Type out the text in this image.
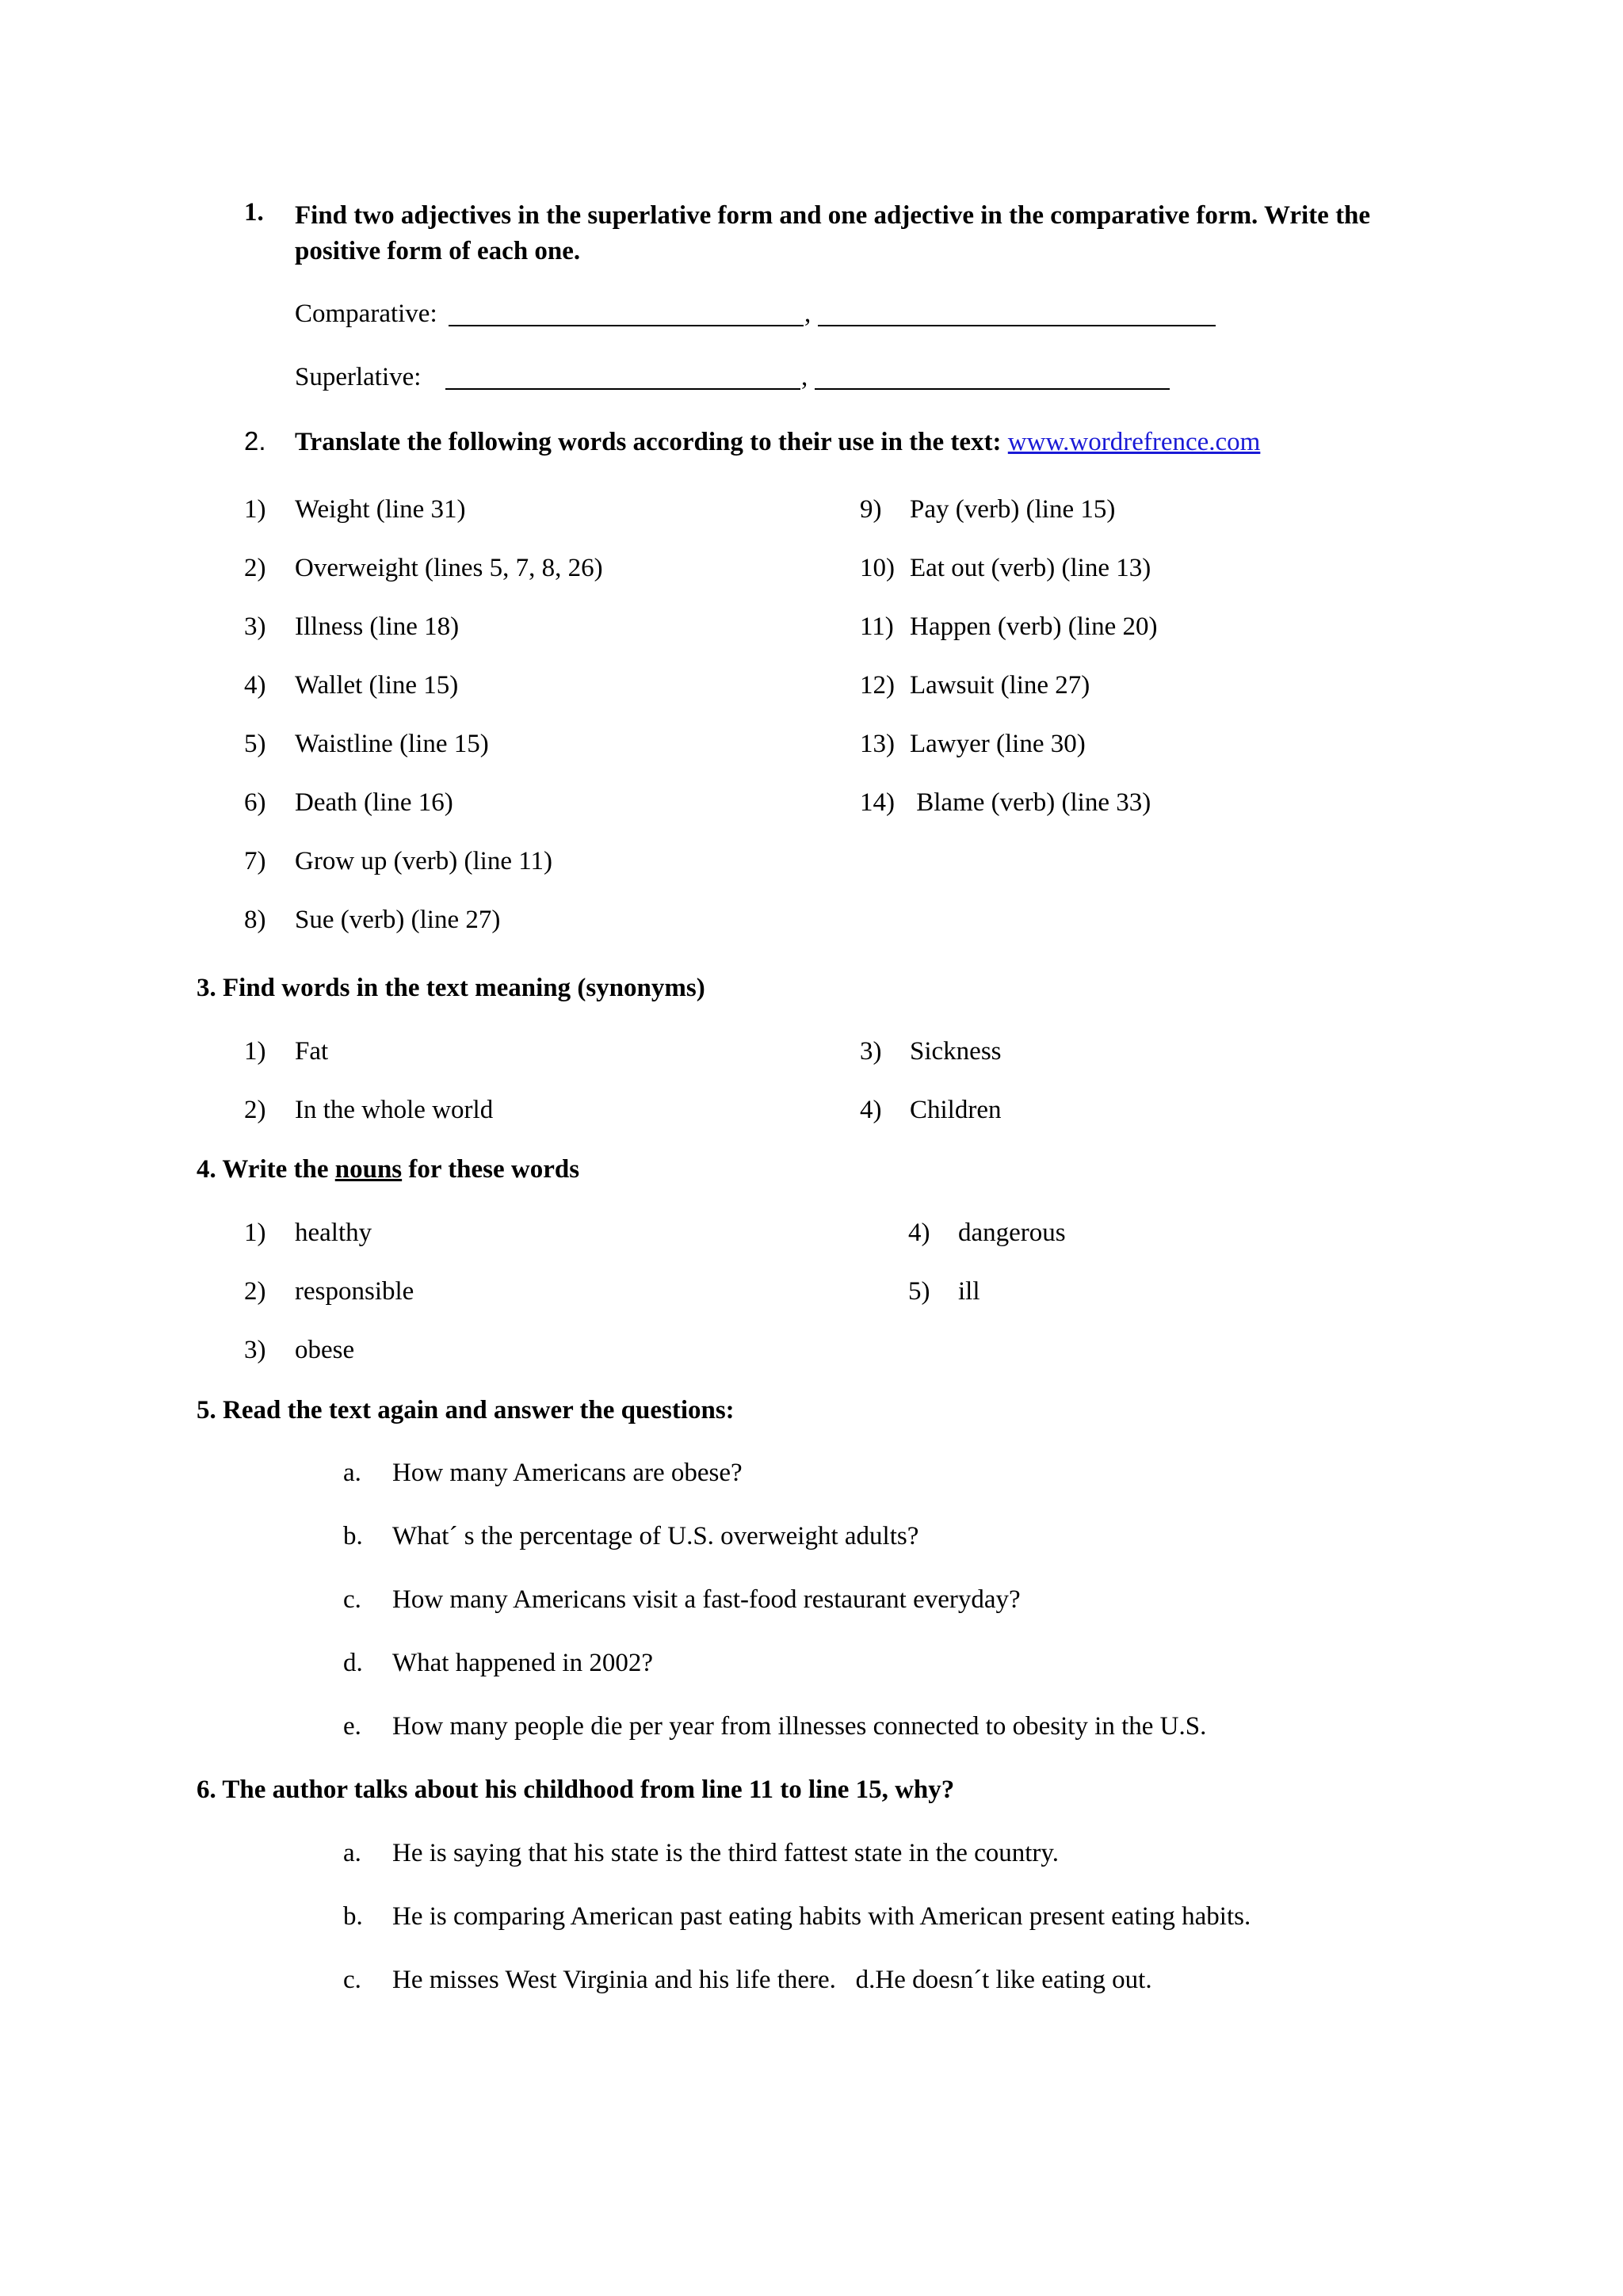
1. Find two adjectives in the superlative form and one adjective in the comparative form. Write the positive form of each one.
Comparative:	,
Superlative:	,
2. Translate the following words according to their use in the text: www.wordrefrence.com
1) Weight (line 31)
2) Overweight (lines 5, 7, 8, 26)
3) Illness (line 18)
4) Wallet (line 15)
5) Waistline (line 15)
6) Death (line 16)
7) Grow up (verb) (line 11)
8) Sue (verb) (line 27)
9) Pay (verb) (line 15)
10) Eat out (verb) (line 13)
11) Happen (verb) (line 20)
12) Lawsuit (line 27)
13) Lawyer (line 30)
14) Blame (verb) (line 33)
3. Find words in the text meaning (synonyms)
1) Fat
2) In the whole world
3) Sickness
4) Children
4. Write the nouns for these words
1) healthy
2) responsible
3) obese
4) dangerous
5) ill
5. Read the text again and answer the questions:
a. How many Americans are obese?
b. What´ s the percentage of U.S. overweight adults?
c. How many Americans visit a fast-food restaurant everyday?
d. What happened in 2002?
e. How many people die per year from illnesses connected to obesity in the U.S.
6. The author talks about his childhood from line 11 to line 15, why?
a. He is saying that his state is the third fattest state in the country.
b. He is comparing American past eating habits with American present eating habits.
c. He misses West Virginia and his life there.   d.He doesn´t like eating out.
